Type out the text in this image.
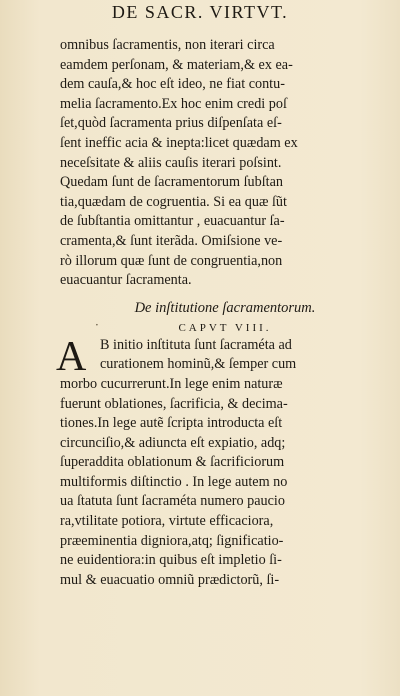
DE SACR. VIRTVT.
omnibus ſacramentis, non iterari circa
eamdem perſonam, & materiam,& ex ea-
dem cauſa,& hoc eſt ideo, ne fiat contu-
melia ſacramento.Ex hoc enim credi poſ
ſet,quòd ſacramenta prius diſpenſata eſ-
ſent ineffic acia & inepta:licet quædam ex
neceſsitate & aliis cauſis iterari poſsint.
Quedam ſunt de ſacramentorum ſubſtan
tia,quædam de cogruentia. Si ea quæ ſũt
de ſubſtantia omittantur , euacuantur ſa-
cramenta,& ſunt iterãda. Omiſsione ve-
rò illorum quæ ſunt de congruentia,non
euacuantur ſacramenta.
De inſtitutione ſacramentorum.
CAPVT VIII.
A B initio inſtituta ſunt ſacraméta ad
curationem hominũ,& ſemper cum
morbo cucurrerunt.In lege enim naturæ
fuerunt oblationes, ſacrificia, & decima-
tiones.In lege autẽ ſcripta introducta eſt
circunciſio,& adiuncta eſt expiatio, adq;
ſuperaddita oblationum & ſacrificiorum
multiformis diſtinctio . In lege autem no
ua ſtatuta ſunt ſacraméta numero paucio
ra,vtilitate potiora, virtute efficaciora,
præeminentia digniora,atq; ſignificatio-
ne euidentiora:in quibus eſt impletio ſi-
mul & euacuatio omniũ prædictorũ, ſi-
·
